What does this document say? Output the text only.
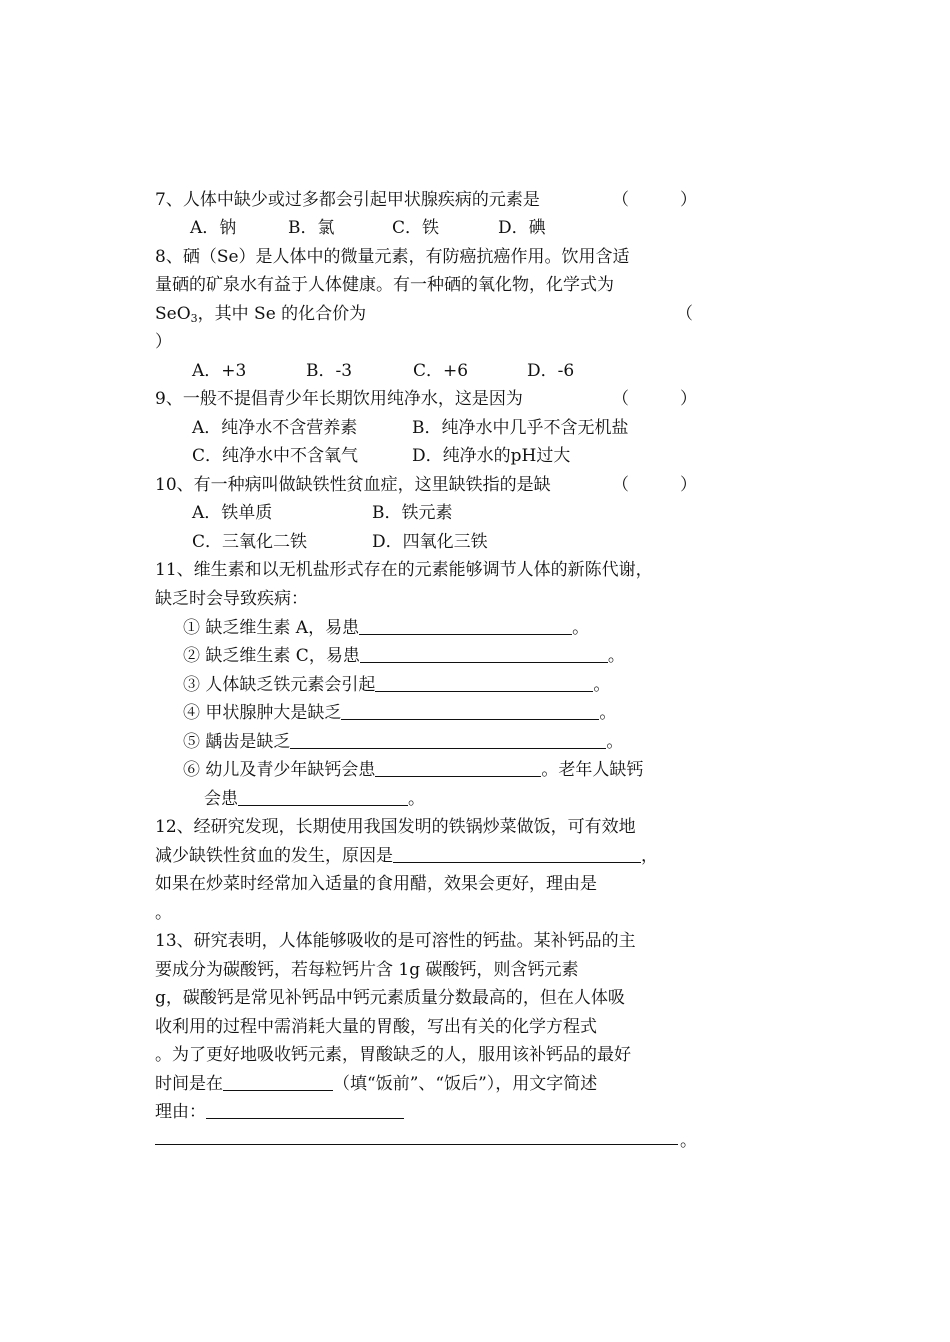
7、人体中缺少或过多都会引起甲状腺疾病的元素是	（　　　）
A．钠	B．氯	C．铁	D．碘
8、硒（Se）是人体中的微量元素，有防癌抗癌作用。饮用含适
量硒的矿泉水有益于人体健康。有一种硒的氧化物，化学式为
SeO$_3$，其中 Se 的化合价为	（
）
A．+3	B．-3	C．+6	D．-6
9、一般不提倡青少年长期饮用纯净水，这是因为	（　　　）
A．纯净水不含营养素	B．纯净水中几乎不含无机盐
C．纯净水中不含氧气	D．纯净水的pH过大
10、有一种病叫做缺铁性贫血症，这里缺铁指的是缺	（　　　）
A．铁单质	B．铁元素
C．三氧化二铁	D．四氧化三铁
11、维生素和以无机盐形式存在的元素能够调节人体的新陈代谢，
缺乏时会导致疾病：
① 缺乏维生素 A，易患	。
② 缺乏维生素 C，易患	。
③ 人体缺乏铁元素会引起	。
④ 甲状腺肿大是缺乏	。
⑤ 龋齿是缺乏	。
⑥ 幼儿及青少年缺钙会患	。老年人缺钙
会患	。
12、经研究发现，长期使用我国发明的铁锅炒菜做饭，可有效地
减少缺铁性贫血的发生，原因是	，
如果在炒菜时经常加入适量的食用醋，效果会更好，理由是
。
13、研究表明，人体能够吸收的是可溶性的钙盐。某补钙品的主
要成分为碳酸钙，若每粒钙片含 1g 碳酸钙，则含钙元素
g，碳酸钙是常见补钙品中钙元素质量分数最高的，但在人体吸
收利用的过程中需消耗大量的胃酸，写出有关的化学方程式
。为了更好地吸收钙元素，胃酸缺乏的人，服用该补钙品的最好
时间是在	（填“饭前”、“饭后”），用文字简述
理由：
。
